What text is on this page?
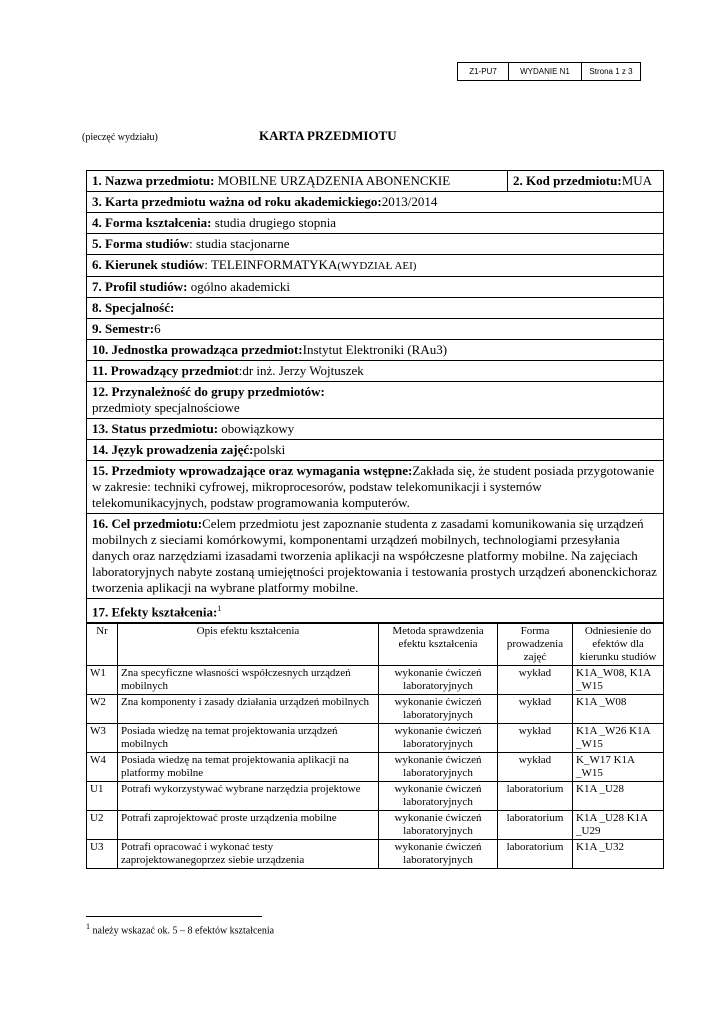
Z1-PU7	WYDANIE N1	Strona 1 z 3
(pieczęć wydziału)	KARTA PRZEDMIOTU
1. Nazwa przedmiotu: MOBILNE URZĄDZENIA ABONENCKIE	2. Kod przedmiotu:MUA
3. Karta przedmiotu ważna od roku akademickiego:2013/2014
4. Forma kształcenia: studia drugiego stopnia
5. Forma studiów: studia stacjonarne
6. Kierunek studiów: TELEINFORMATYKA(WYDZIAŁ AEI)
7. Profil studiów: ogólno akademicki
8. Specjalność:
9. Semestr:6
10. Jednostka prowadząca przedmiot:Instytut Elektroniki (RAu3)
11. Prowadzący przedmiot:dr inż. Jerzy Wojtuszek
12. Przynależność do grupy przedmiotów:
przedmioty specjalnościowe
13. Status przedmiotu: obowiązkowy
14. Język prowadzenia zajęć:polski
15. Przedmioty wprowadzające oraz wymagania wstępne:Zakłada się, że student posiada przygotowanie w zakresie: techniki cyfrowej, mikroprocesorów, podstaw telekomunikacji i systemów telekomunikacyjnych, podstaw programowania komputerów.
16. Cel przedmiotu:Celem przedmiotu jest zapoznanie studenta z zasadami komunikowania się urządzeń mobilnych z sieciami komórkowymi, komponentami urządzeń mobilnych, technologiami przesyłania danych oraz narzędziami izasadami tworzenia aplikacji na współczesne platformy mobilne. Na zajęciach laboratoryjnych nabyte zostaną umiejętności projektowania i testowania prostych urządzeń abonenckichoraz tworzenia aplikacji na wybrane platformy mobilne.
17. Efekty kształcenia:$^1$
Nr	Opis efektu kształcenia	Metoda sprawdzenia efektu kształcenia	Forma prowadzenia zajęć	Odniesienie do efektów dla kierunku studiów
W1	Zna specyficzne własności współczesnych urządzeń mobilnych	wykonanie ćwiczeń laboratoryjnych	wykład	K1A_W08, K1A _W15
W2	Zna komponenty i zasady działania urządzeń mobilnych	wykonanie ćwiczeń laboratoryjnych	wykład	K1A _W08
W3	Posiada wiedzę na temat projektowania urządzeń mobilnych	wykonanie ćwiczeń laboratoryjnych	wykład	K1A _W26 K1A _W15
W4	Posiada wiedzę na temat projektowania aplikacji na platformy mobilne	wykonanie ćwiczeń laboratoryjnych	wykład	K_W17 K1A _W15
U1	Potrafi wykorzystywać wybrane narzędzia projektowe	wykonanie ćwiczeń laboratoryjnych	laboratorium	K1A _U28
U2	Potrafi zaprojektować proste urządzenia mobilne	wykonanie ćwiczeń laboratoryjnych	laboratorium	K1A _U28 K1A _U29
U3	Potrafi opracować i wykonać testy zaprojektowanegoprzez siebie urządzenia	wykonanie ćwiczeń laboratoryjnych	laboratorium	K1A _U32
$^1$ należy wskazać ok. 5 – 8 efektów kształcenia
